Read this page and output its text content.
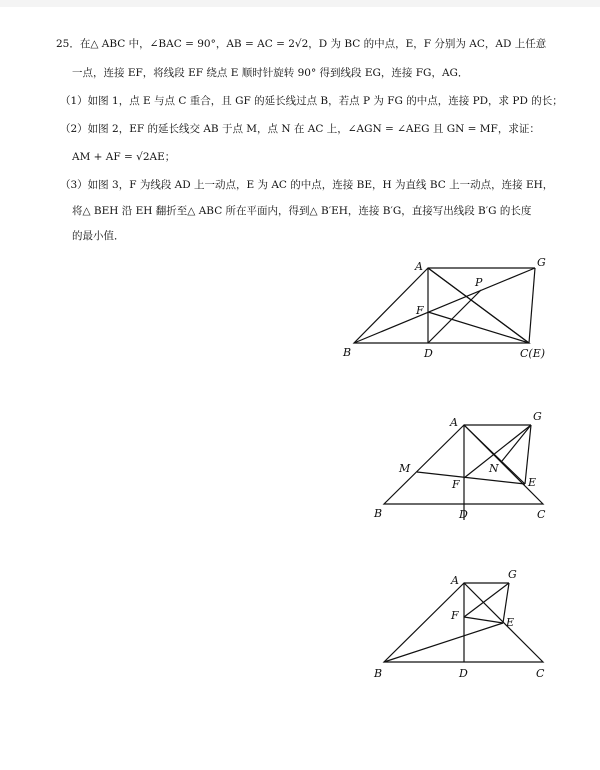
25．在△ ABC 中，∠BAC = 90°，AB = AC = 2√2，D 为 BC 的中点，E，F 分别为 AC，AD 上任意
一点，连接 EF，将线段 EF 绕点 E 顺时针旋转 90° 得到线段 EG，连接 FG，AG．
（1）如图 1，点 E 与点 C 重合，且 GF 的延长线过点 B，若点 P 为 FG 的中点，连接 PD，求 PD 的长；
（2）如图 2，EF 的延长线交 AB 于点 M，点 N 在 AC 上，∠AGN = ∠AEG 且 GN = MF，求证：
AM + AF = √2AE；
（3）如图 3，F 为线段 AD 上一动点，E 为 AC 的中点，连接 BE，H 为直线 BC 上一动点，连接 EH，
将△ BEH 沿 EH 翻折至△ ABC 所在平面内，得到△ B′EH，连接 B′G，直接写出线段 B′G 的长度
的最小值．
A	G
P
F
B	D	C(E)
A	G
M	N
F	E
B	D	C
A	G
F
E
B	D	C
